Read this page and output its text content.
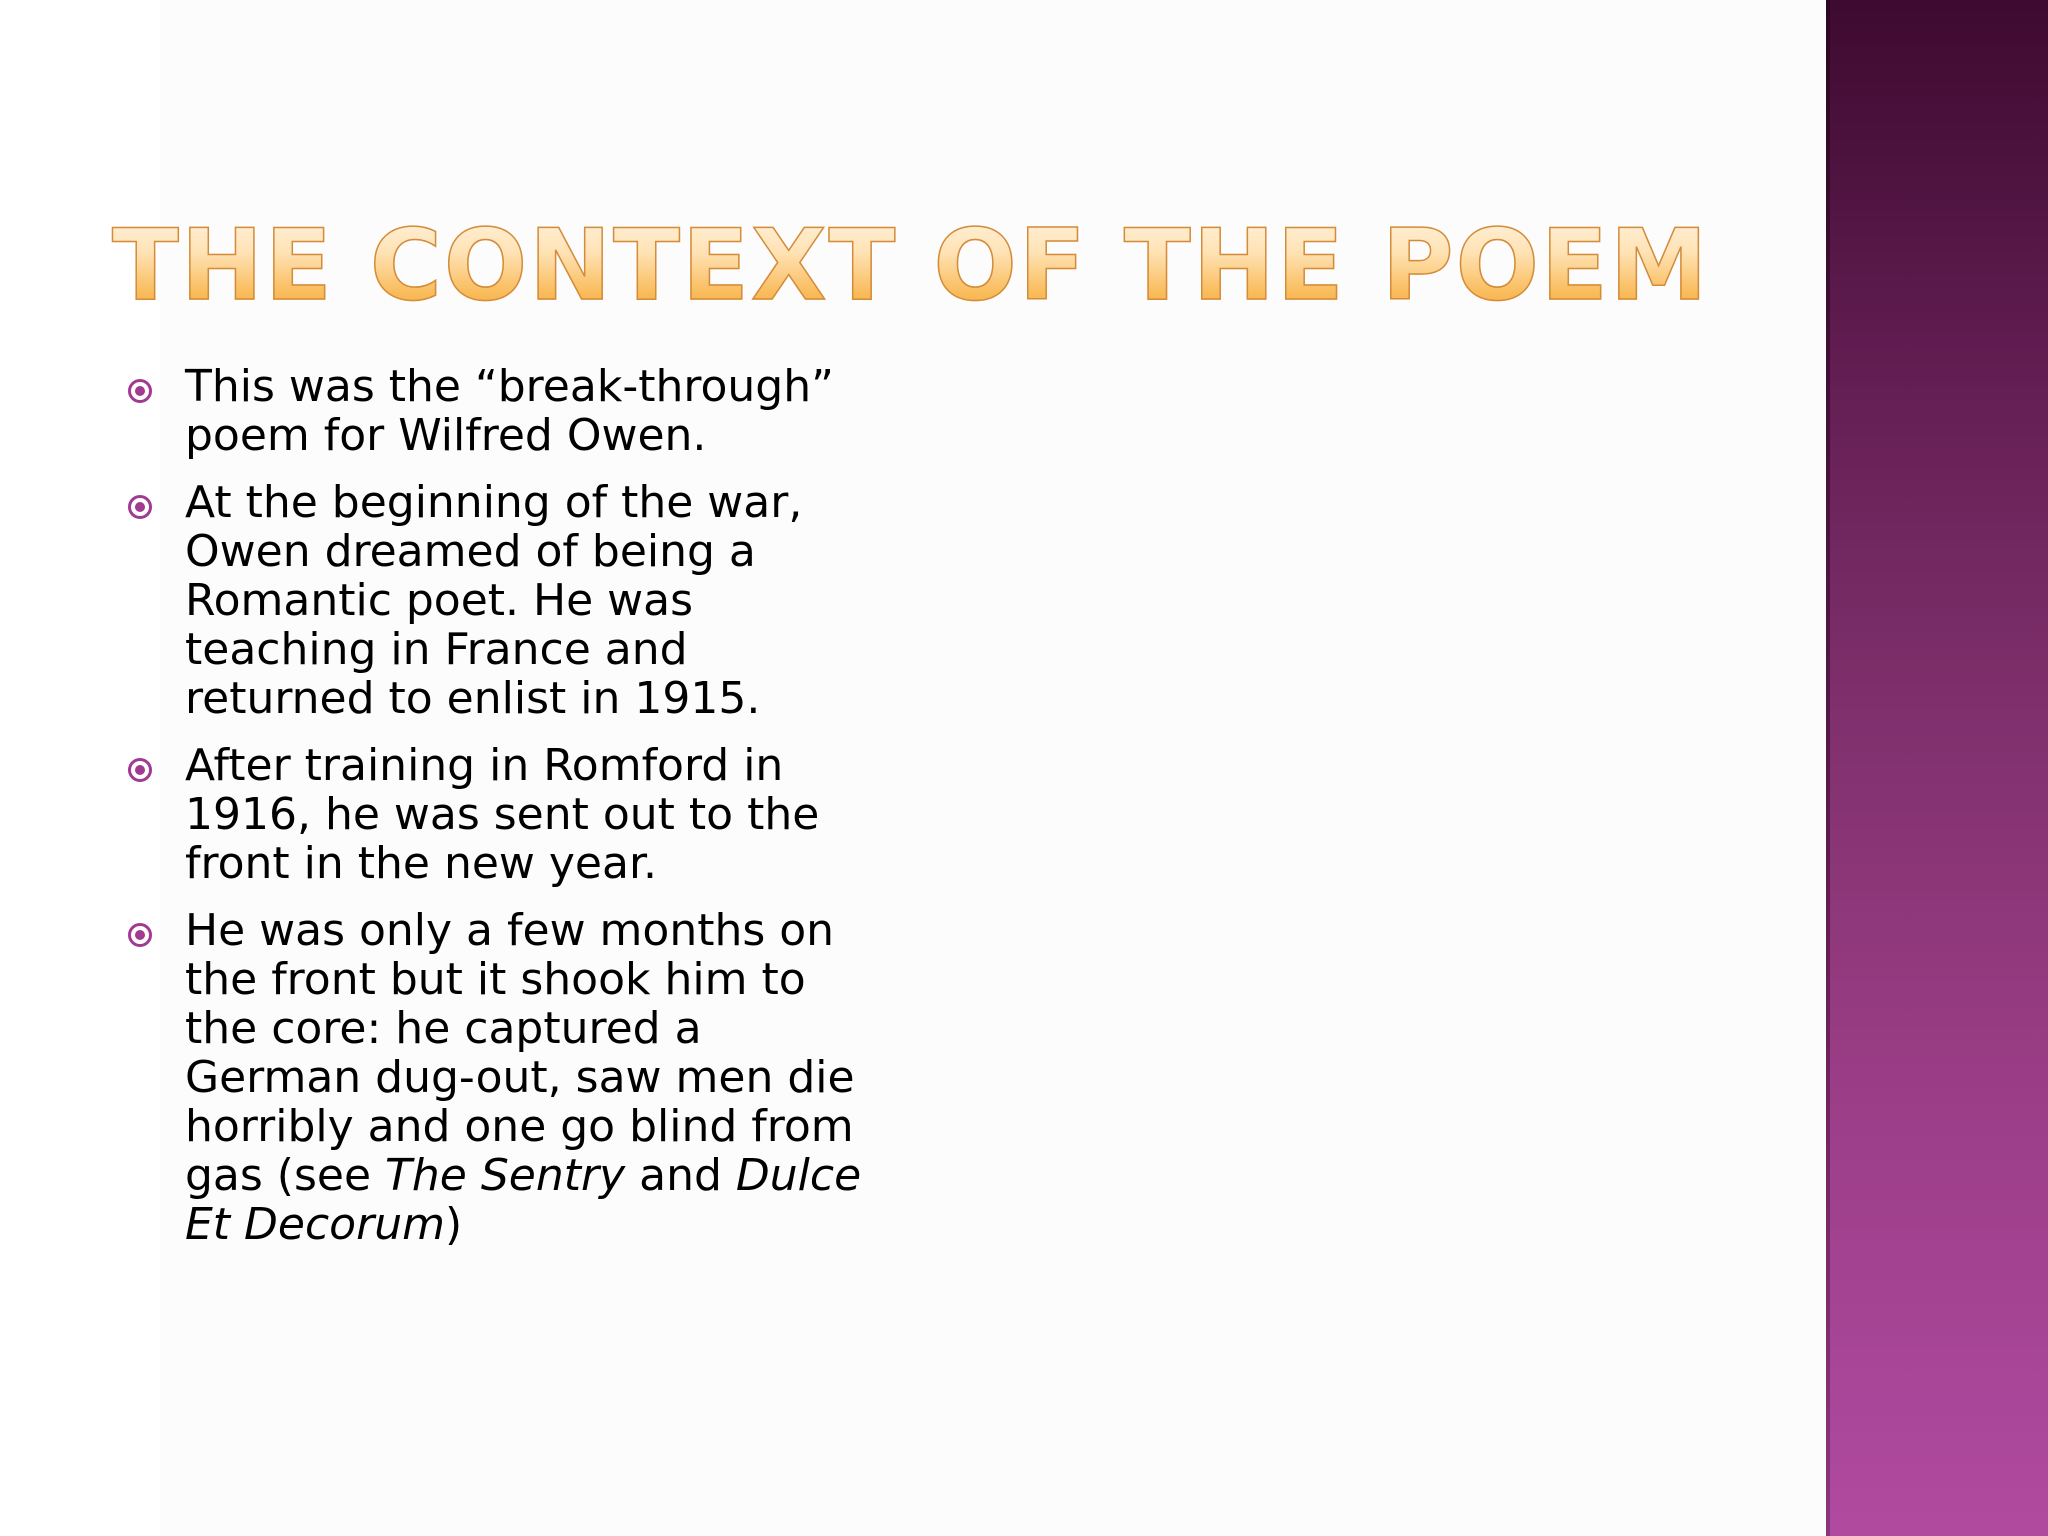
THE CONTEXT OF THE POEM
This was the “break-through” poem for Wilfred Owen.
At the beginning of the war, Owen dreamed of being a Romantic poet. He was teaching in France and returned to enlist in 1915.
After training in Romford in 1916, he was sent out to the front in the new year.
He was only a few months on the front but it shook him to the core: he captured a German dug-out, saw men die horribly and one go blind from gas (see The Sentry and Dulce Et Decorum)
